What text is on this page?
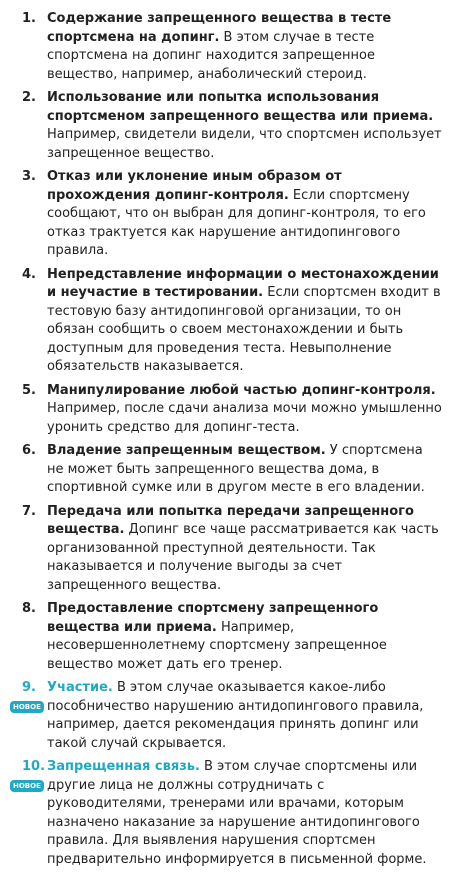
1. Содержание запрещенного вещества в тесте спортсмена на допинг. В этом случае в тесте спортсмена на допинг находится запрещенное вещество, например, анаболический стероид.

2. Использование или попытка использования спортсменом запрещенного вещества или приема. Например, свидетели видели, что спортсмен использует запрещенное вещество.

3. Отказ или уклонение иным образом от прохождения допинг-контроля. Если спортсмену сообщают, что он выбран для допинг-контроля, то его отказ трактуется как нарушение антидопингового правила.

4. Непредставление информации о местонахождении и неучастие в тестировании. Если спортсмен входит в тестовую базу антидопинговой организации, то он обязан сообщить о своем местонахождении и быть доступным для проведения теста. Невыполнение обязательств наказывается.

5. Манипулирование любой частью допинг-контроля. Например, после сдачи анализа мочи можно умышленно уронить средство для допинг-теста.

6. Владение запрещенным веществом. У спортсмена не может быть запрещенного вещества дома, в спортивной сумке или в другом месте в его владении.

7. Передача или попытка передачи запрещенного вещества. Допинг все чаще рассматривается как часть организованной преступной деятельности. Так наказывается и получение выгоды за счет запрещенного вещества.

8. Предоставление спортсмену запрещенного вещества или приема. Например, несовершеннолетнему спортсмену запрещенное вещество может дать его тренер.

9.
НОВОЕ

Участие. В этом случае оказывается какое-либо пособничество нарушению антидопингового правила, например, дается рекомендация принять допинг или такой случай скрывается.

10.
НОВОЕ

Запрещенная связь. В этом случае спортсмены или другие лица не должны сотрудничать с руководителями, тренерами или врачами, которым назначено наказание за нарушение антидопингового правила. Для выявления нарушения спортсмен предварительно информируется в письменной форме.
